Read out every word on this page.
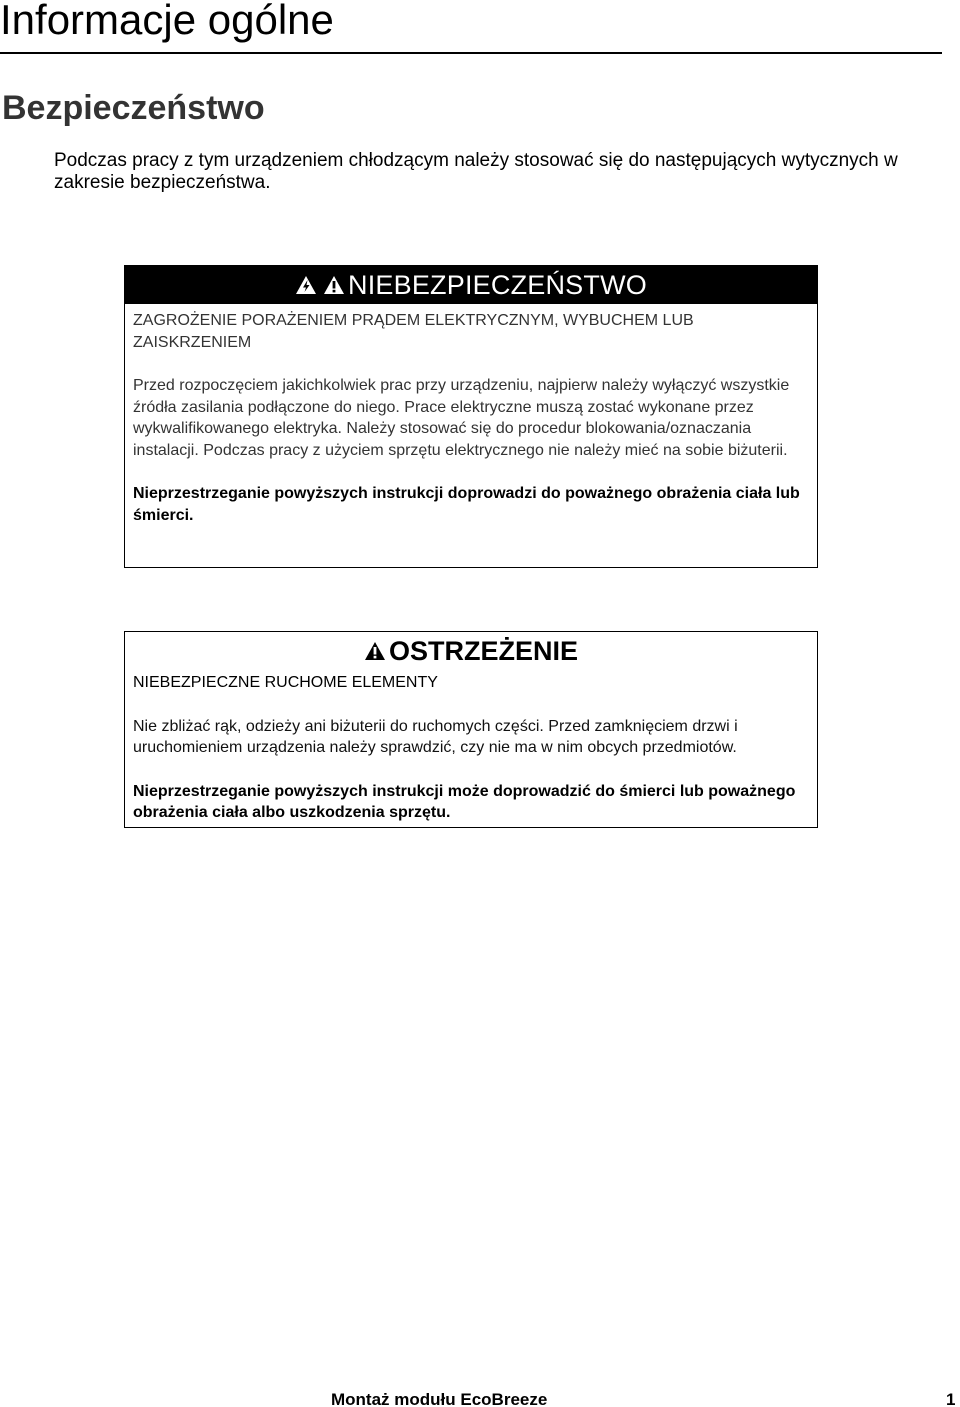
Informacje ogólne
Bezpieczeństwo

Podczas pracy z tym urządzeniem chłodzącym należy stosować się do następujących wytycznych w zakresie bezpieczeństwa.

NIEBEZPIECZEŃSTWO

ZAGROŻENIE PORAŻENIEM PRĄDEM ELEKTRYCZNYM, WYBUCHEM LUB ZAISKRZENIEM

Przed rozpoczęciem jakichkolwiek prac przy urządzeniu, najpierw należy wyłączyć wszystkie źródła zasilania podłączone do niego. Prace elektryczne muszą zostać wykonane przez wykwalifikowanego elektryka. Należy stosować się do procedur blokowania/oznaczania instalacji. Podczas pracy z użyciem sprzętu elektrycznego nie należy mieć na sobie biżuterii.

Nieprzestrzeganie powyższych instrukcji doprowadzi do poważnego obrażenia ciała lub śmierci.

OSTRZEŻENIE

NIEBEZPIECZNE RUCHOME ELEMENTY

Nie zbliżać rąk, odzieży ani biżuterii do ruchomych części. Przed zamknięciem drzwi i uruchomieniem urządzenia należy sprawdzić, czy nie ma w nim obcych przedmiotów.

Nieprzestrzeganie powyższych instrukcji może doprowadzić do śmierci lub poważnego obrażenia ciała albo uszkodzenia sprzętu.

Montaż modułu EcoBreeze	1
